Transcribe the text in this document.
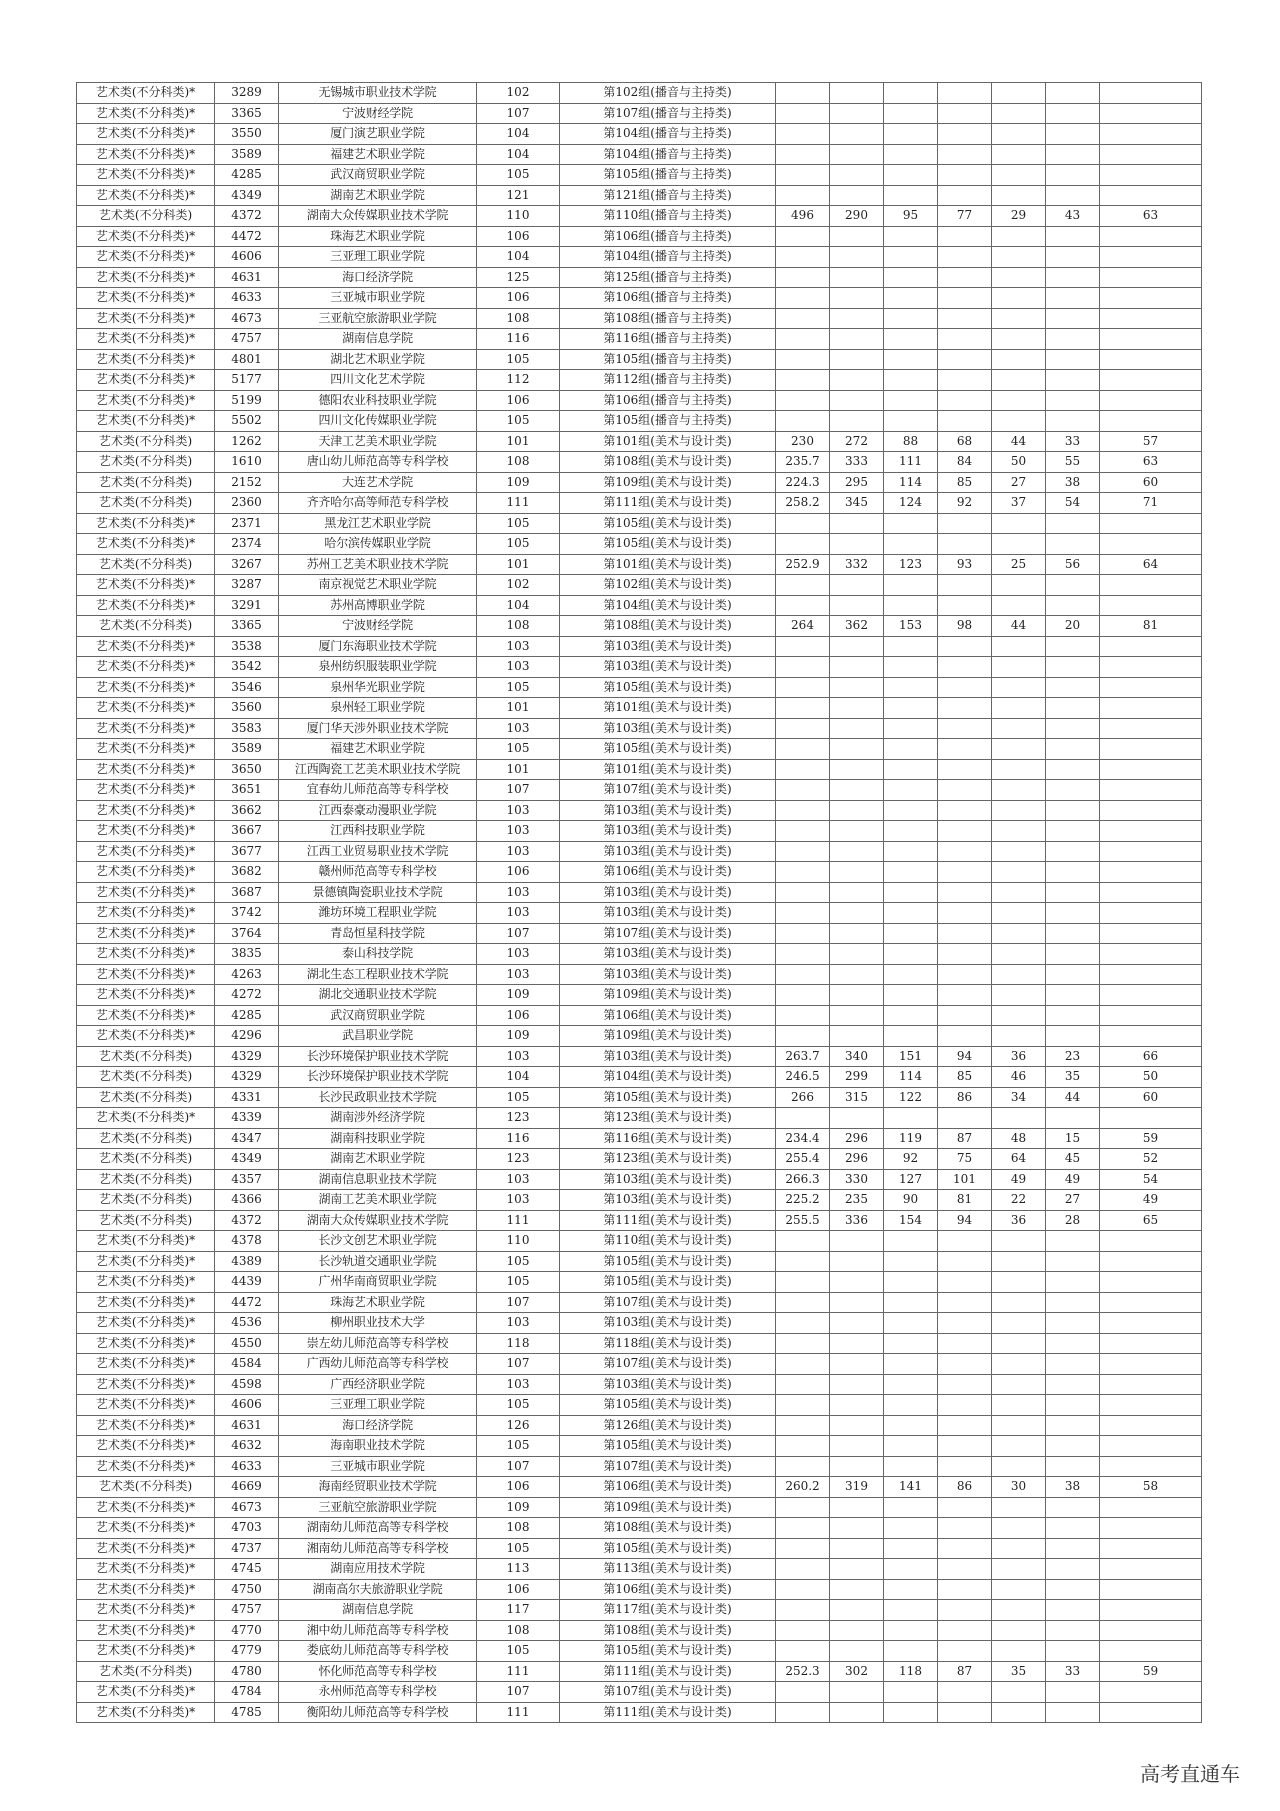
艺术类(不分科类)*	3289	无锡城市职业技术学院	102	第102组(播音与主持类)							
艺术类(不分科类)*	3365	宁波财经学院	107	第107组(播音与主持类)							
艺术类(不分科类)*	3550	厦门演艺职业学院	104	第104组(播音与主持类)							
艺术类(不分科类)*	3589	福建艺术职业学院	104	第104组(播音与主持类)							
艺术类(不分科类)*	4285	武汉商贸职业学院	105	第105组(播音与主持类)							
艺术类(不分科类)*	4349	湖南艺术职业学院	121	第121组(播音与主持类)							
艺术类(不分科类)	4372	湖南大众传媒职业技术学院	110	第110组(播音与主持类)	496	290	95	77	29	43	63
艺术类(不分科类)*	4472	珠海艺术职业学院	106	第106组(播音与主持类)							
艺术类(不分科类)*	4606	三亚理工职业学院	104	第104组(播音与主持类)							
艺术类(不分科类)*	4631	海口经济学院	125	第125组(播音与主持类)							
艺术类(不分科类)*	4633	三亚城市职业学院	106	第106组(播音与主持类)							
艺术类(不分科类)*	4673	三亚航空旅游职业学院	108	第108组(播音与主持类)							
艺术类(不分科类)*	4757	湖南信息学院	116	第116组(播音与主持类)							
艺术类(不分科类)*	4801	湖北艺术职业学院	105	第105组(播音与主持类)							
艺术类(不分科类)*	5177	四川文化艺术学院	112	第112组(播音与主持类)							
艺术类(不分科类)*	5199	德阳农业科技职业学院	106	第106组(播音与主持类)							
艺术类(不分科类)*	5502	四川文化传媒职业学院	105	第105组(播音与主持类)							
艺术类(不分科类)	1262	天津工艺美术职业学院	101	第101组(美术与设计类)	230	272	88	68	44	33	57
艺术类(不分科类)	1610	唐山幼儿师范高等专科学校	108	第108组(美术与设计类)	235.7	333	111	84	50	55	63
艺术类(不分科类)	2152	大连艺术学院	109	第109组(美术与设计类)	224.3	295	114	85	27	38	60
艺术类(不分科类)	2360	齐齐哈尔高等师范专科学校	111	第111组(美术与设计类)	258.2	345	124	92	37	54	71
艺术类(不分科类)*	2371	黑龙江艺术职业学院	105	第105组(美术与设计类)							
艺术类(不分科类)*	2374	哈尔滨传媒职业学院	105	第105组(美术与设计类)							
艺术类(不分科类)	3267	苏州工艺美术职业技术学院	101	第101组(美术与设计类)	252.9	332	123	93	25	56	64
艺术类(不分科类)*	3287	南京视觉艺术职业学院	102	第102组(美术与设计类)							
艺术类(不分科类)*	3291	苏州高博职业学院	104	第104组(美术与设计类)							
艺术类(不分科类)	3365	宁波财经学院	108	第108组(美术与设计类)	264	362	153	98	44	20	81
艺术类(不分科类)*	3538	厦门东海职业技术学院	103	第103组(美术与设计类)							
艺术类(不分科类)*	3542	泉州纺织服装职业学院	103	第103组(美术与设计类)							
艺术类(不分科类)*	3546	泉州华光职业学院	105	第105组(美术与设计类)							
艺术类(不分科类)*	3560	泉州轻工职业学院	101	第101组(美术与设计类)							
艺术类(不分科类)*	3583	厦门华天涉外职业技术学院	103	第103组(美术与设计类)							
艺术类(不分科类)*	3589	福建艺术职业学院	105	第105组(美术与设计类)							
艺术类(不分科类)*	3650	江西陶瓷工艺美术职业技术学院	101	第101组(美术与设计类)							
艺术类(不分科类)*	3651	宜春幼儿师范高等专科学校	107	第107组(美术与设计类)							
艺术类(不分科类)*	3662	江西泰豪动漫职业学院	103	第103组(美术与设计类)							
艺术类(不分科类)*	3667	江西科技职业学院	103	第103组(美术与设计类)							
艺术类(不分科类)*	3677	江西工业贸易职业技术学院	103	第103组(美术与设计类)							
艺术类(不分科类)*	3682	赣州师范高等专科学校	106	第106组(美术与设计类)							
艺术类(不分科类)*	3687	景德镇陶瓷职业技术学院	103	第103组(美术与设计类)							
艺术类(不分科类)*	3742	潍坊环境工程职业学院	103	第103组(美术与设计类)							
艺术类(不分科类)*	3764	青岛恒星科技学院	107	第107组(美术与设计类)							
艺术类(不分科类)*	3835	泰山科技学院	103	第103组(美术与设计类)							
艺术类(不分科类)*	4263	湖北生态工程职业技术学院	103	第103组(美术与设计类)							
艺术类(不分科类)*	4272	湖北交通职业技术学院	109	第109组(美术与设计类)							
艺术类(不分科类)*	4285	武汉商贸职业学院	106	第106组(美术与设计类)							
艺术类(不分科类)*	4296	武昌职业学院	109	第109组(美术与设计类)							
艺术类(不分科类)	4329	长沙环境保护职业技术学院	103	第103组(美术与设计类)	263.7	340	151	94	36	23	66
艺术类(不分科类)	4329	长沙环境保护职业技术学院	104	第104组(美术与设计类)	246.5	299	114	85	46	35	50
艺术类(不分科类)	4331	长沙民政职业技术学院	105	第105组(美术与设计类)	266	315	122	86	34	44	60
艺术类(不分科类)*	4339	湖南涉外经济学院	123	第123组(美术与设计类)							
艺术类(不分科类)	4347	湖南科技职业学院	116	第116组(美术与设计类)	234.4	296	119	87	48	15	59
艺术类(不分科类)	4349	湖南艺术职业学院	123	第123组(美术与设计类)	255.4	296	92	75	64	45	52
艺术类(不分科类)	4357	湖南信息职业技术学院	103	第103组(美术与设计类)	266.3	330	127	101	49	49	54
艺术类(不分科类)	4366	湖南工艺美术职业学院	103	第103组(美术与设计类)	225.2	235	90	81	22	27	49
艺术类(不分科类)	4372	湖南大众传媒职业技术学院	111	第111组(美术与设计类)	255.5	336	154	94	36	28	65
艺术类(不分科类)*	4378	长沙文创艺术职业学院	110	第110组(美术与设计类)							
艺术类(不分科类)*	4389	长沙轨道交通职业学院	105	第105组(美术与设计类)							
艺术类(不分科类)*	4439	广州华南商贸职业学院	105	第105组(美术与设计类)							
艺术类(不分科类)*	4472	珠海艺术职业学院	107	第107组(美术与设计类)							
艺术类(不分科类)*	4536	柳州职业技术大学	103	第103组(美术与设计类)							
艺术类(不分科类)*	4550	崇左幼儿师范高等专科学校	118	第118组(美术与设计类)							
艺术类(不分科类)*	4584	广西幼儿师范高等专科学校	107	第107组(美术与设计类)							
艺术类(不分科类)*	4598	广西经济职业学院	103	第103组(美术与设计类)							
艺术类(不分科类)*	4606	三亚理工职业学院	105	第105组(美术与设计类)							
艺术类(不分科类)*	4631	海口经济学院	126	第126组(美术与设计类)							
艺术类(不分科类)*	4632	海南职业技术学院	105	第105组(美术与设计类)							
艺术类(不分科类)*	4633	三亚城市职业学院	107	第107组(美术与设计类)							
艺术类(不分科类)	4669	海南经贸职业技术学院	106	第106组(美术与设计类)	260.2	319	141	86	30	38	58
艺术类(不分科类)*	4673	三亚航空旅游职业学院	109	第109组(美术与设计类)							
艺术类(不分科类)*	4703	湖南幼儿师范高等专科学校	108	第108组(美术与设计类)							
艺术类(不分科类)*	4737	湘南幼儿师范高等专科学校	105	第105组(美术与设计类)							
艺术类(不分科类)*	4745	湖南应用技术学院	113	第113组(美术与设计类)							
艺术类(不分科类)*	4750	湖南高尔夫旅游职业学院	106	第106组(美术与设计类)							
艺术类(不分科类)*	4757	湖南信息学院	117	第117组(美术与设计类)							
艺术类(不分科类)*	4770	湘中幼儿师范高等专科学校	108	第108组(美术与设计类)							
艺术类(不分科类)*	4779	娄底幼儿师范高等专科学校	105	第105组(美术与设计类)							
艺术类(不分科类)	4780	怀化师范高等专科学校	111	第111组(美术与设计类)	252.3	302	118	87	35	33	59
艺术类(不分科类)*	4784	永州师范高等专科学校	107	第107组(美术与设计类)							
艺术类(不分科类)*	4785	衡阳幼儿师范高等专科学校	111	第111组(美术与设计类)							
高考直通车
